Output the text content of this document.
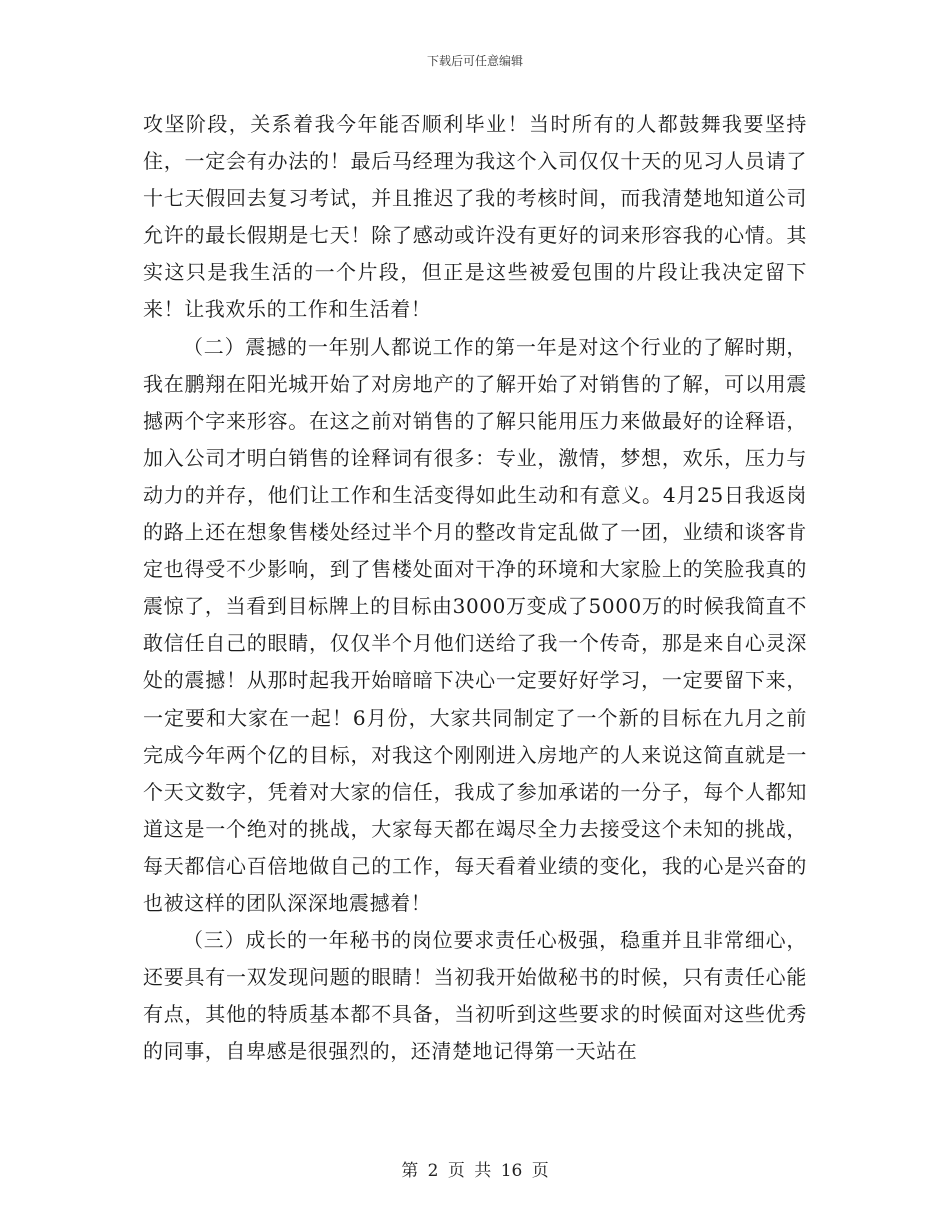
下载后可任意编辑

攻坚阶段，关系着我今年能否顺利毕业！当时所有的人都鼓舞我要坚持住，一定会有办法的！最后马经理为我这个入司仅仅十天的见习人员请了十七天假回去复习考试，并且推迟了我的考核时间，而我清楚地知道公司允许的最长假期是七天！除了感动或许没有更好的词来形容我的心情。其实这只是我生活的一个片段，但正是这些被爱包围的片段让我决定留下来！让我欢乐的工作和生活着！

（二）震撼的一年别人都说工作的第一年是对这个行业的了解时期，我在鹏翔在阳光城开始了对房地产的了解开始了对销售的了解，可以用震撼两个字来形容。在这之前对销售的了解只能用压力来做最好的诠释语，加入公司才明白销售的诠释词有很多：专业，激情，梦想，欢乐，压力与动力的并存，他们让工作和生活变得如此生动和有意义。4月25日我返岗的路上还在想象售楼处经过半个月的整改肯定乱做了一团，业绩和谈客肯定也得受不少影响，到了售楼处面对干净的环境和大家脸上的笑脸我真的震惊了，当看到目标牌上的目标由3000万变成了5000万的时候我简直不敢信任自己的眼睛，仅仅半个月他们送给了我一个传奇，那是来自心灵深处的震撼！从那时起我开始暗暗下决心一定要好好学习，一定要留下来，一定要和大家在一起！6月份，大家共同制定了一个新的目标在九月之前完成今年两个亿的目标，对我这个刚刚进入房地产的人来说这简直就是一个天文数字，凭着对大家的信任，我成了参加承诺的一分子，每个人都知道这是一个绝对的挑战，大家每天都在竭尽全力去接受这个未知的挑战，每天都信心百倍地做自己的工作，每天看着业绩的变化，我的心是兴奋的也被这样的团队深深地震撼着！

（三）成长的一年秘书的岗位要求责任心极强，稳重并且非常细心，还要具有一双发现问题的眼睛！当初我开始做秘书的时候，只有责任心能有点，其他的特质基本都不具备，当初听到这些要求的时候面对这些优秀的同事，自卑感是很强烈的，还清楚地记得第一天站在

第 2 页 共 16 页
